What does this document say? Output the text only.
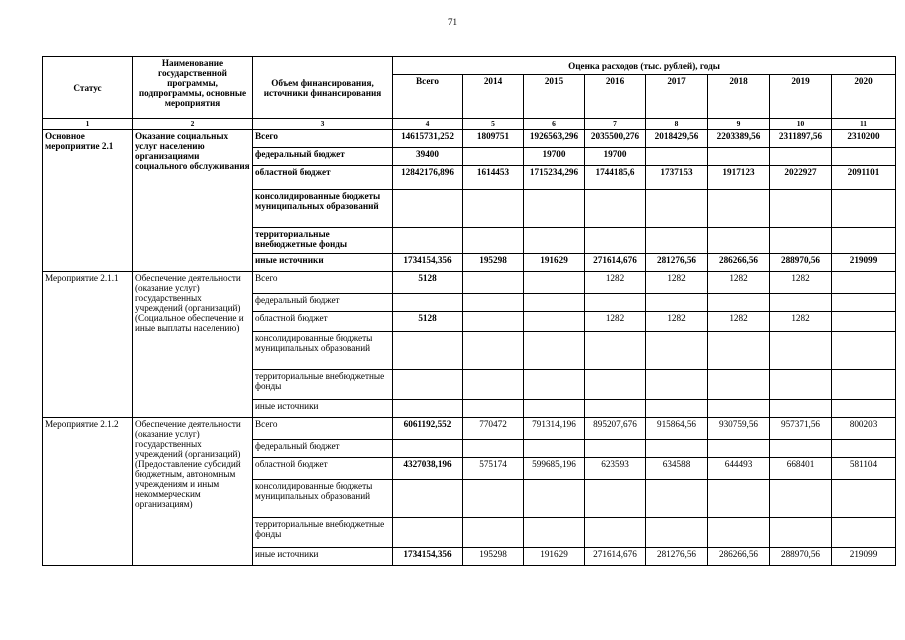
71
Статус	Наименование государственной программы, подпрограммы, основные мероприятия	Объем финансирования, источники финансирования	Оценка расходов (тыс. рублей), годы							
			Всего	2014	2015	2016	2017	2018	2019	2020
1	2	3	4	5	6	7	8	9	10	11
Основное мероприятие 2.1	Оказание социальных услуг населению организациями социального обслуживания	Всего	14615731,252	1809751	1926563,296	2035500,276	2018429,56	2203389,56	2311897,56	2310200
		федеральный бюджет	39400		19700	19700				
		областной бюджет	12842176,896	1614453	1715234,296	1744185,6	1737153	1917123	2022927	2091101
		консолидированные бюджеты муниципальных образований								
		территориальные внебюджетные фонды								
		иные источники	1734154,356	195298	191629	271614,676	281276,56	286266,56	288970,56	219099
Мероприятие 2.1.1	Обеспечение деятельности (оказание услуг) государственных учреждений (организаций) (Социальное обеспечение и иные выплаты населению)	Всего	5128			1282	1282	1282	1282	
		федеральный бюджет								
		областной бюджет	5128			1282	1282	1282	1282	
		консолидированные бюджеты муниципальных образований								
		территориальные внебюджетные фонды								
		иные источники								
Мероприятие 2.1.2	Обеспечение деятельности (оказание услуг) государственных учреждений (организаций) (Предоставление субсидий бюджетным, автономным учреждениям и иным некоммерческим организациям)	Всего	6061192,552	770472	791314,196	895207,676	915864,56	930759,56	957371,56	800203
		федеральный бюджет								
		областной бюджет	4327038,196	575174	599685,196	623593	634588	644493	668401	581104
		консолидированные бюджеты муниципальных образований								
		территориальные внебюджетные фонды								
		иные источники	1734154,356	195298	191629	271614,676	281276,56	286266,56	288970,56	219099
